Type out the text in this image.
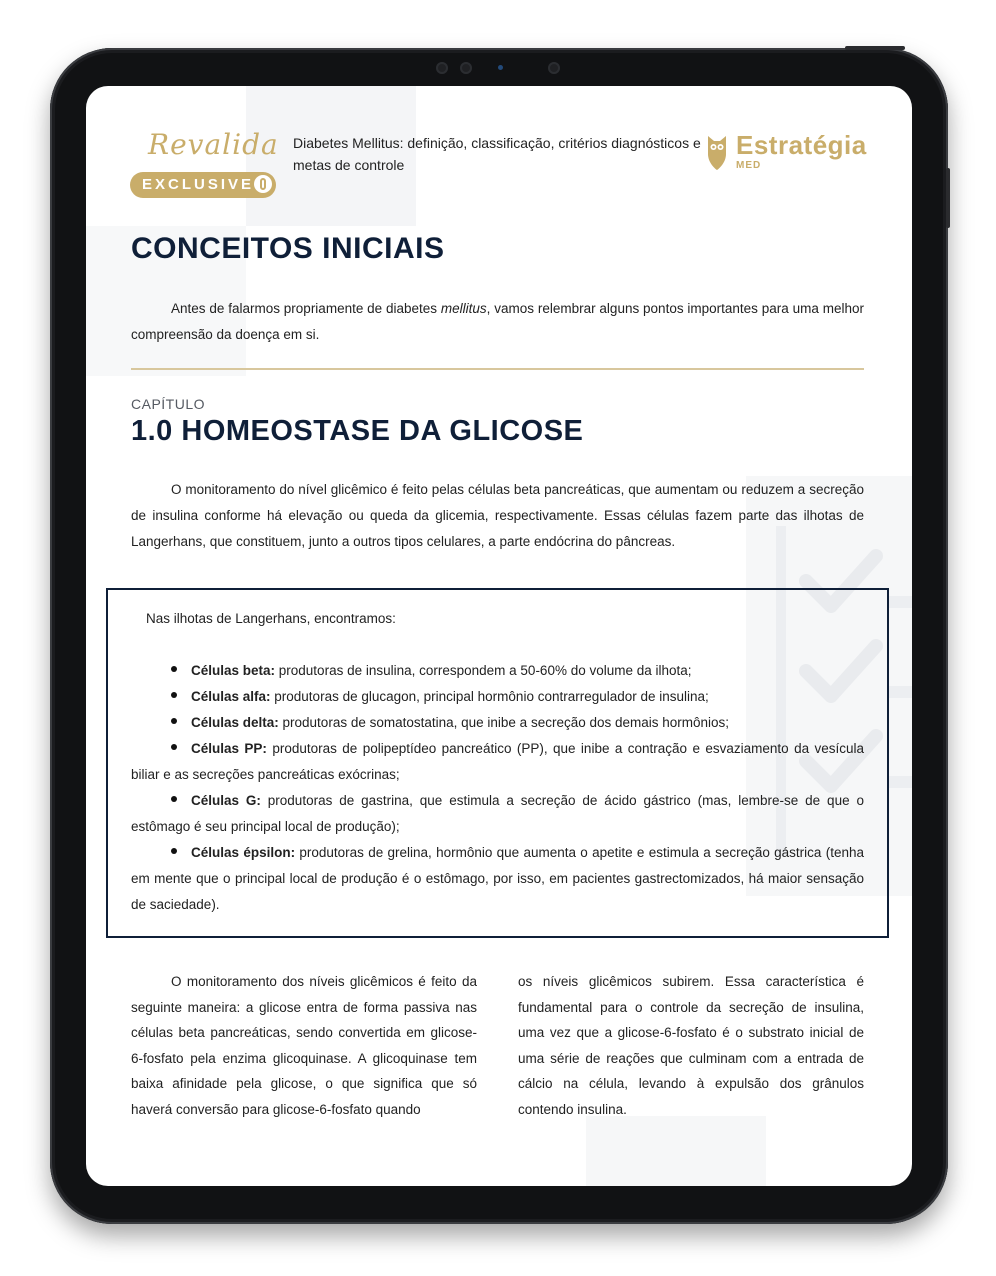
Revalida
EXCLUSIVE
Diabetes Mellitus: definição, classificação, critérios diagnósticos e metas de controle
Estratégia
MED
CONCEITOS INICIAIS

Antes de falarmos propriamente de diabetes mellitus, vamos relembrar alguns pontos importantes para uma melhor compreensão da doença em si.

CAPÍTULO
1.0 HOMEOSTASE DA GLICOSE

O monitoramento do nível glicêmico é feito pelas células beta pancreáticas, que aumentam ou reduzem a secreção de insulina conforme há elevação ou queda da glicemia, respectivamente. Essas células fazem parte das ilhotas de Langerhans, que constituem, junto a outros tipos celulares, a parte endócrina do pâncreas.

Nas ilhotas de Langerhans, encontramos:
Células beta: produtoras de insulina, correspondem a 50-60% do volume da ilhota;
Células alfa: produtoras de glucagon, principal hormônio contrarregulador de insulina;
Células delta: produtoras de somatostatina, que inibe a secreção dos demais hormônios;
Células PP: produtoras de polipeptídeo pancreático (PP), que inibe a contração e esvaziamento da vesícula biliar e as secreções pancreáticas exócrinas;
Células G: produtoras de gastrina, que estimula a secreção de ácido gástrico (mas, lembre-se de que o estômago é seu principal local de produção);
Células épsilon: produtoras de grelina, hormônio que aumenta o apetite e estimula a secreção gástrica (tenha em mente que o principal local de produção é o estômago, por isso, em pacientes gastrectomizados, há maior sensação de saciedade).

O monitoramento dos níveis glicêmicos é feito da seguinte maneira: a glicose entra de forma passiva nas células beta pancreáticas, sendo convertida em glicose-6-fosfato pela enzima glicoquinase. A glicoquinase tem baixa afinidade pela glicose, o que significa que só haverá conversão para glicose-6-fosfato quando

os níveis glicêmicos subirem. Essa característica é fundamental para o controle da secreção de insulina, uma vez que a glicose-6-fosfato é o substrato inicial de uma série de reações que culminam com a entrada de cálcio na célula, levando à expulsão dos grânulos contendo insulina.
